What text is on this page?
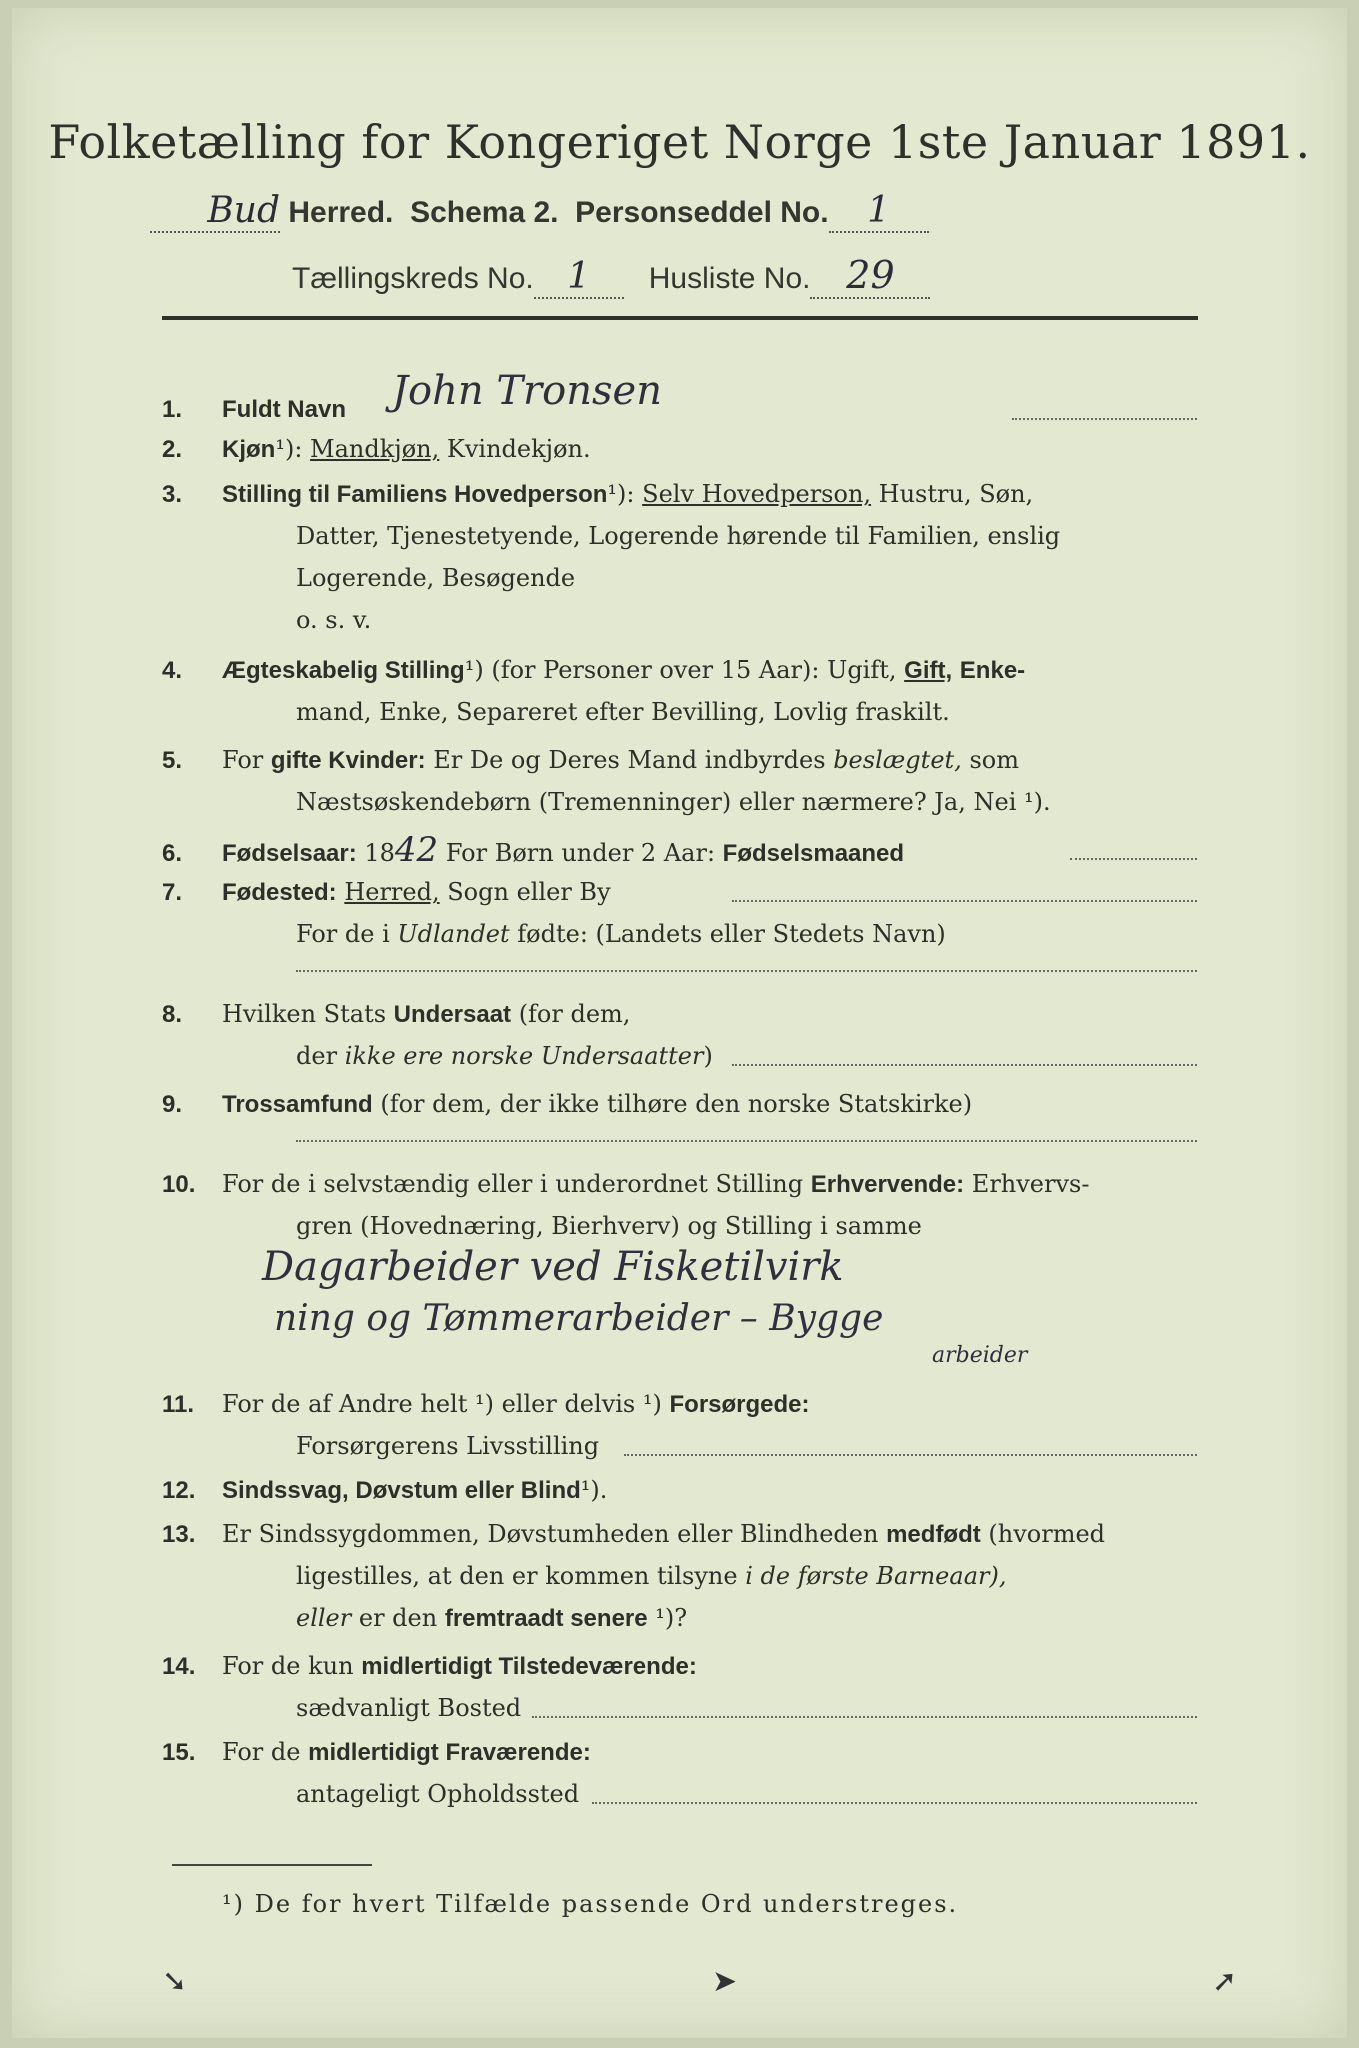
Folketælling for Kongeriget Norge 1ste Januar 1891.
Bud Herred. Schema 2. Personseddel No. 1
Tællingskreds No. 1 Husliste No. 29
1. Fuldt Navn John Tronsen
2. Kjøn¹): Mandkjøn, Kvindekjøn.
3. Stilling til Familiens Hovedperson¹): Selv Hovedperson, Hustru, Søn,
Datter, Tjenestetyende, Logerende hørende til Familien, enslig
Logerende, Besøgende
o. s. v.
4. Ægteskabelig Stilling¹) (for Personer over 15 Aar): Ugift, Gift, Enke-
mand, Enke, Separeret efter Bevilling, Lovlig fraskilt.
5. For gifte Kvinder: Er De og Deres Mand indbyrdes beslægtet, som
Næstsøskendebørn (Tremenninger) eller nærmere? Ja, Nei ¹).
6. Fødselsaar: 1842 For Børn under 2 Aar: Fødselsmaaned
7. Fødested: Herred, Sogn eller By
For de i Udlandet fødte: (Landets eller Stedets Navn)
8. Hvilken Stats Undersaat (for dem,
der ikke ere norske Undersaatter)
9. Trossamfund (for dem, der ikke tilhøre den norske Statskirke)
10. For de i selvstændig eller i underordnet Stilling Erhvervende: Erhvervs-
gren (Hovednæring, Bierhverv) og Stilling i samme
Dagarbeider ved Fisketilvirk
ning og Tømmerarbeider – Bygge
arbeider
11. For de af Andre helt ¹) eller delvis ¹) Forsørgede:
Forsørgerens Livsstilling
12. Sindssvag, Døvstum eller Blind¹).
13. Er Sindssygdommen, Døvstumheden eller Blindheden medfødt (hvormed
ligestilles, at den er kommen tilsyne i de første Barneaar),
eller er den fremtraadt senere ¹)?
14. For de kun midlertidigt Tilstedeværende:
sædvanligt Bosted
15. For de midlertidigt Fraværende:
antageligt Opholdssted
¹) De for hvert Tilfælde passende Ord understreges.
➘	➤	➚
